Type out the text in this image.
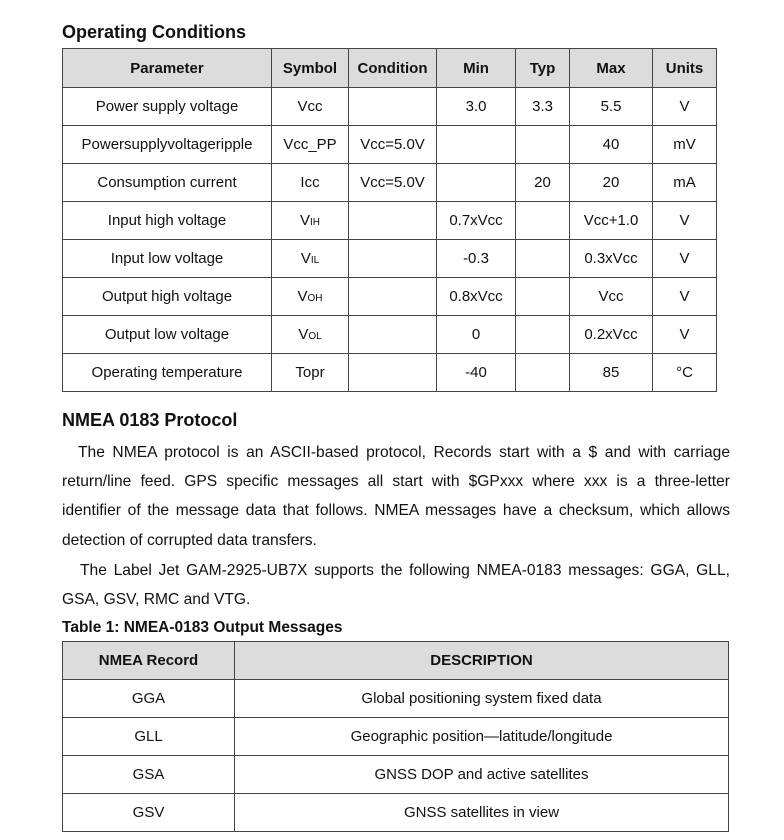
Operating Conditions
Parameter	Symbol	Condition	Min	Typ	Max	Units
Power supply voltage	Vcc		3.0	3.3	5.5	V
Powersupplyvoltageripple	Vcc_PP	Vcc=5.0V			40	mV
Consumption current	Icc	Vcc=5.0V		20	20	mA
Input high voltage	VIH		0.7xVcc		Vcc+1.0	V
Input low voltage	VIL		-0.3		0.3xVcc	V
Output high voltage	VOH		0.8xVcc		Vcc	V
Output low voltage	VOL		0		0.2xVcc	V
Operating temperature	Topr		-40		85	°C
NMEA 0183 Protocol
The NMEA protocol is an ASCII-based protocol, Records start with a $ and with carriage return/line feed. GPS specific messages all start with $GPxxx where xxx is a three-letter identifier of the message data that follows. NMEA messages have a checksum, which allows detection of corrupted data transfers.
The Label Jet GAM-2925-UB7X supports the following NMEA-0183 messages: GGA, GLL, GSA, GSV, RMC and VTG.
Table 1: NMEA-0183 Output Messages
NMEA Record	DESCRIPTION
GGA	Global positioning system fixed data
GLL	Geographic position—latitude/longitude
GSA	GNSS DOP and active satellites
GSV	GNSS satellites in view
